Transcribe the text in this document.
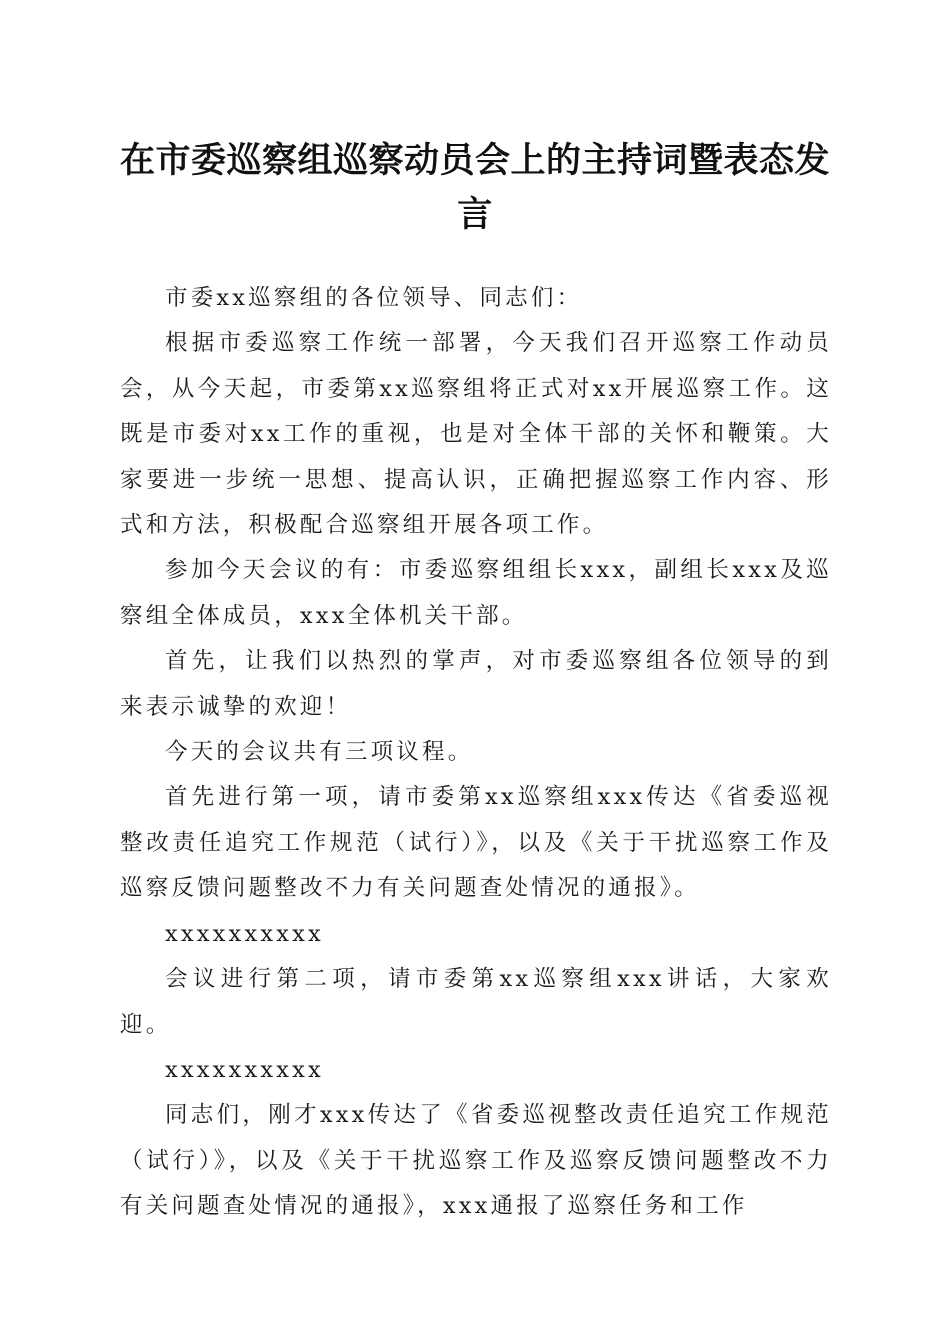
在市委巡察组巡察动员会上的主持词暨表态发言

市委xx巡察组的各位领导、同志们：

根据市委巡察工作统一部署，今天我们召开巡察工作动员会，从今天起，市委第xx巡察组将正式对xx开展巡察工作。这既是市委对xx工作的重视，也是对全体干部的关怀和鞭策。大家要进一步统一思想、提高认识，正确把握巡察工作内容、形式和方法，积极配合巡察组开展各项工作。

参加今天会议的有：市委巡察组组长xxx，副组长xxx及巡察组全体成员，xxx全体机关干部。

首先，让我们以热烈的掌声，对市委巡察组各位领导的到来表示诚挚的欢迎！

今天的会议共有三项议程。

首先进行第一项，请市委第xx巡察组xxx传达《省委巡视整改责任追究工作规范（试行）》，以及《关于干扰巡察工作及巡察反馈问题整改不力有关问题查处情况的通报》。

xxxxxxxxxx

会议进行第二项，请市委第xx巡察组xxx讲话，大家欢迎。

xxxxxxxxxx

同志们，刚才xxx传达了《省委巡视整改责任追究工作规范（试行）》，以及《关于干扰巡察工作及巡察反馈问题整改不力有关问题查处情况的通报》，xxx通报了巡察任务和工作
